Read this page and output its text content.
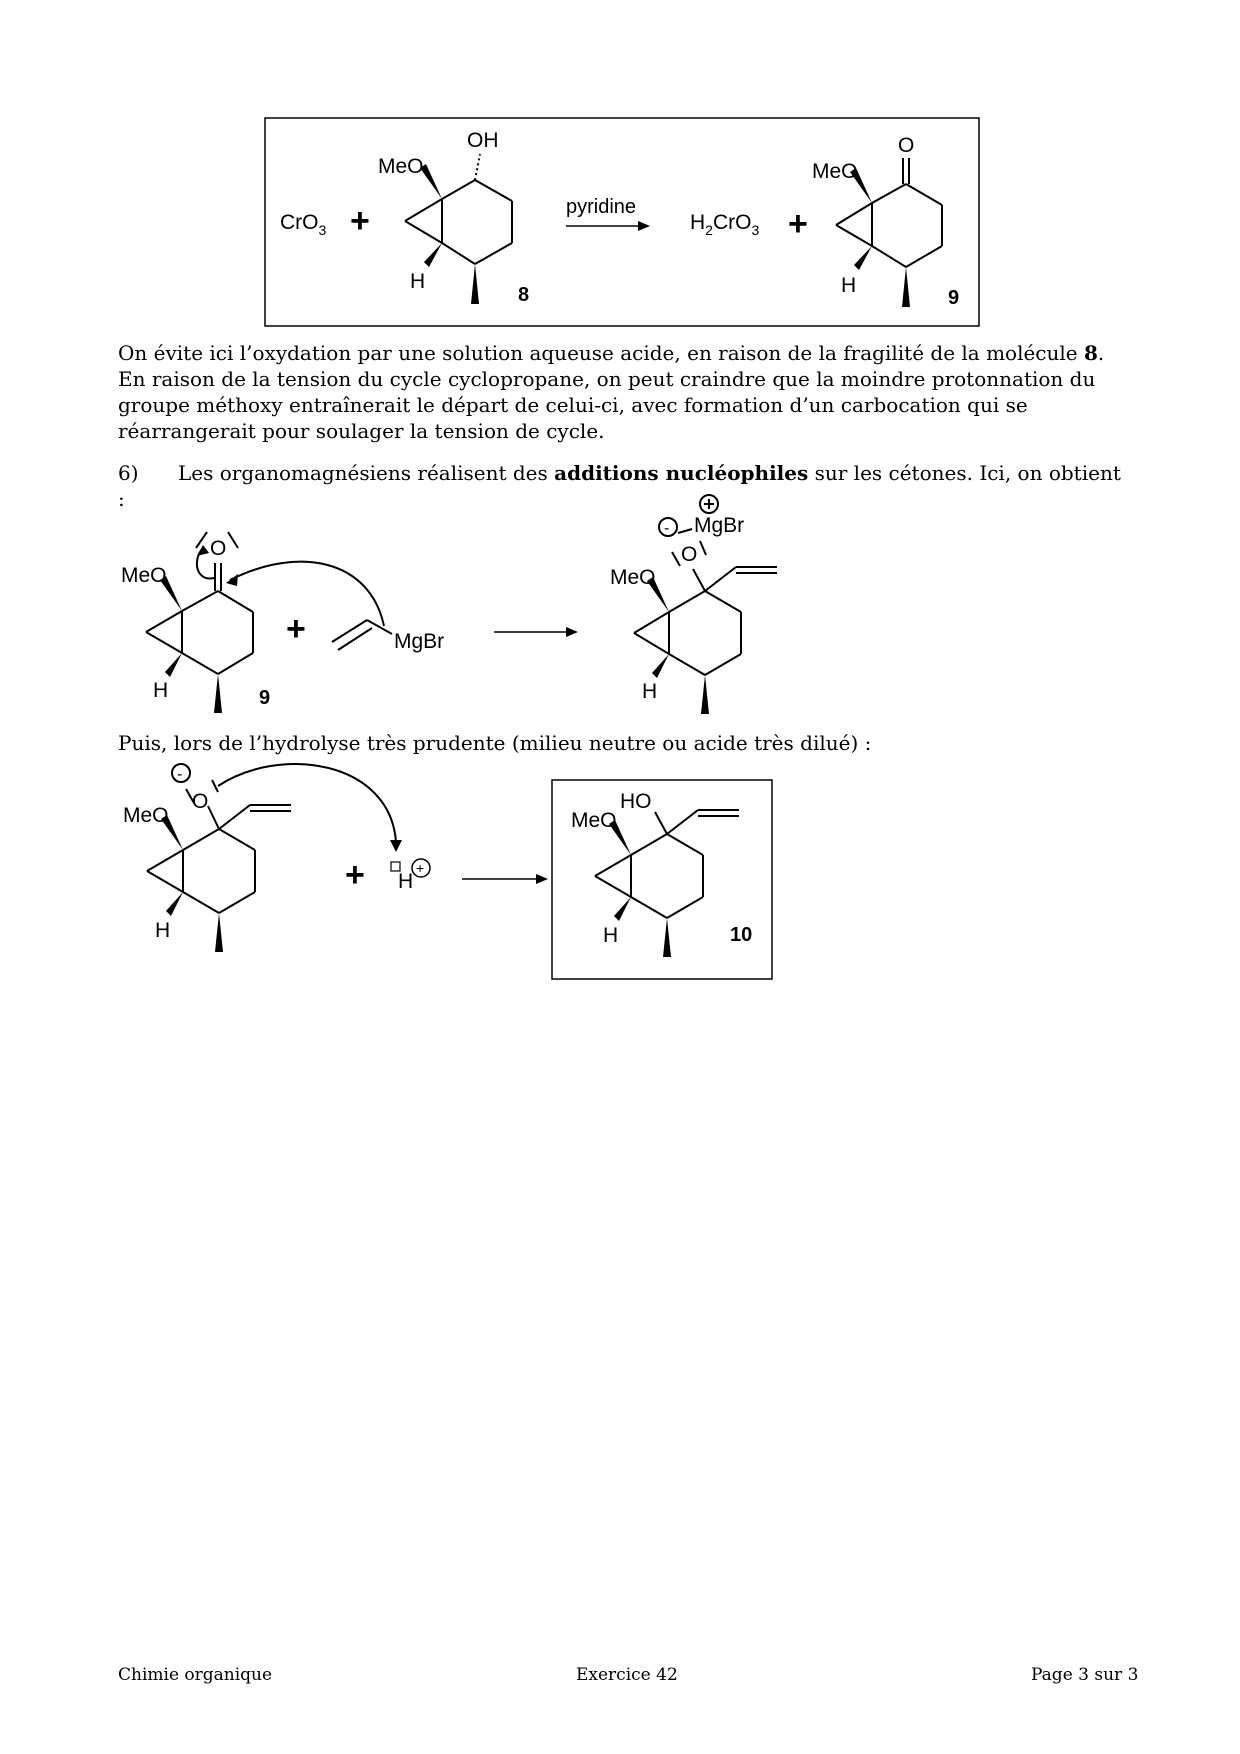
CrO$_3$ +
OH
MeO
H
8
pyridine
$H_2CrO_3$ +
O
MeO
H
9
On évite ici l’oxydation par une solution aqueuse acide, en raison de la fragilité de la molécule 8. En raison de la tension du cycle cyclopropane, on peut craindre que la moindre protonnation du groupe méthoxy entraînerait le départ de celui-ci, avec formation d’un carbocation qui se réarrangerait pour soulager la tension de cycle.
6) Les organomagnésiens réalisent des additions nucléophiles sur les cétones. Ici, on obtient :
O
MeO
H	9
+	MgBr
-
+
O
MgBr
MeO
H
Puis, lors de l’hydrolyse très prudente (milieu neutre ou acide très dilué) :
-
O
MeO
H
+ H
+
HO
MeO
H	10
Chimie organique	Exercice 42	Page 3 sur 3
